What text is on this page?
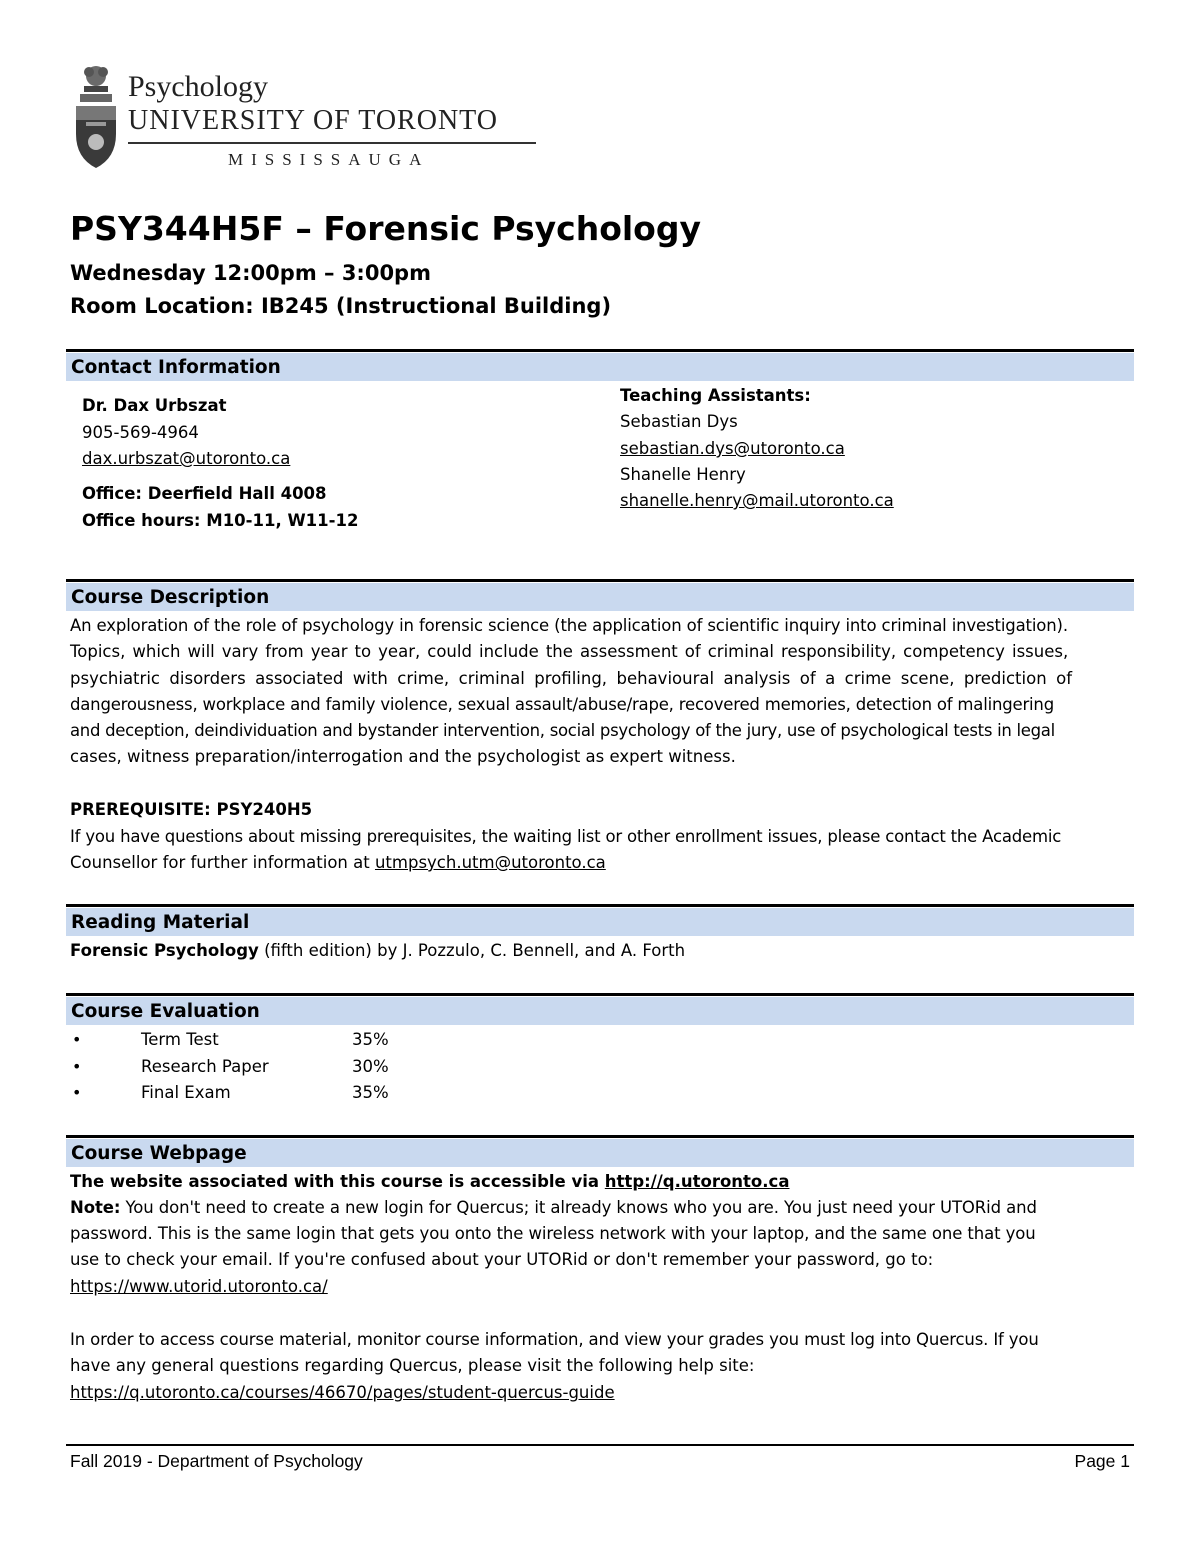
Psychology
UNIVERSITY OF TORONTO
MISSISSAUGA
PSY344H5F – Forensic Psychology
Wednesday 12:00pm – 3:00pm
Room Location: IB245 (Instructional Building)
Contact Information
Dr. Dax Urbszat
905-569-4964
dax.urbszat@utoronto.ca
Office: Deerfield Hall 4008
Office hours: M10-11, W11-12
Teaching Assistants:
Sebastian Dys
sebastian.dys@utoronto.ca
Shanelle Henry
shanelle.henry@mail.utoronto.ca
Course Description
An exploration of the role of psychology in forensic science (the application of scientific inquiry into criminal investigation).
Topics, which will vary from year to year, could include the assessment of criminal responsibility, competency issues,
psychiatric disorders associated with crime, criminal profiling, behavioural analysis of a crime scene, prediction of
dangerousness, workplace and family violence, sexual assault/abuse/rape, recovered memories, detection of malingering
and deception, deindividuation and bystander intervention, social psychology of the jury, use of psychological tests in legal
cases, witness preparation/interrogation and the psychologist as expert witness.
PREREQUISITE: PSY240H5
If you have questions about missing prerequisites, the waiting list or other enrollment issues, please contact the Academic
Counsellor for further information at utmpsych.utm@utoronto.ca
Reading Material
Forensic Psychology (fifth edition) by J. Pozzulo, C. Bennell, and A. Forth
Course Evaluation
•	Term Test	35%
•	Research Paper	30%
•	Final Exam	35%
Course Webpage
The website associated with this course is accessible via http://q.utoronto.ca
Note: You don't need to create a new login for Quercus; it already knows who you are. You just need your UTORid and
password. This is the same login that gets you onto the wireless network with your laptop, and the same one that you
use to check your email. If you're confused about your UTORid or don't remember your password, go to:
https://www.utorid.utoronto.ca/
In order to access course material, monitor course information, and view your grades you must log into Quercus. If you
have any general questions regarding Quercus, please visit the following help site:
https://q.utoronto.ca/courses/46670/pages/student-quercus-guide
Fall 2019 - Department of Psychology	Page 1
